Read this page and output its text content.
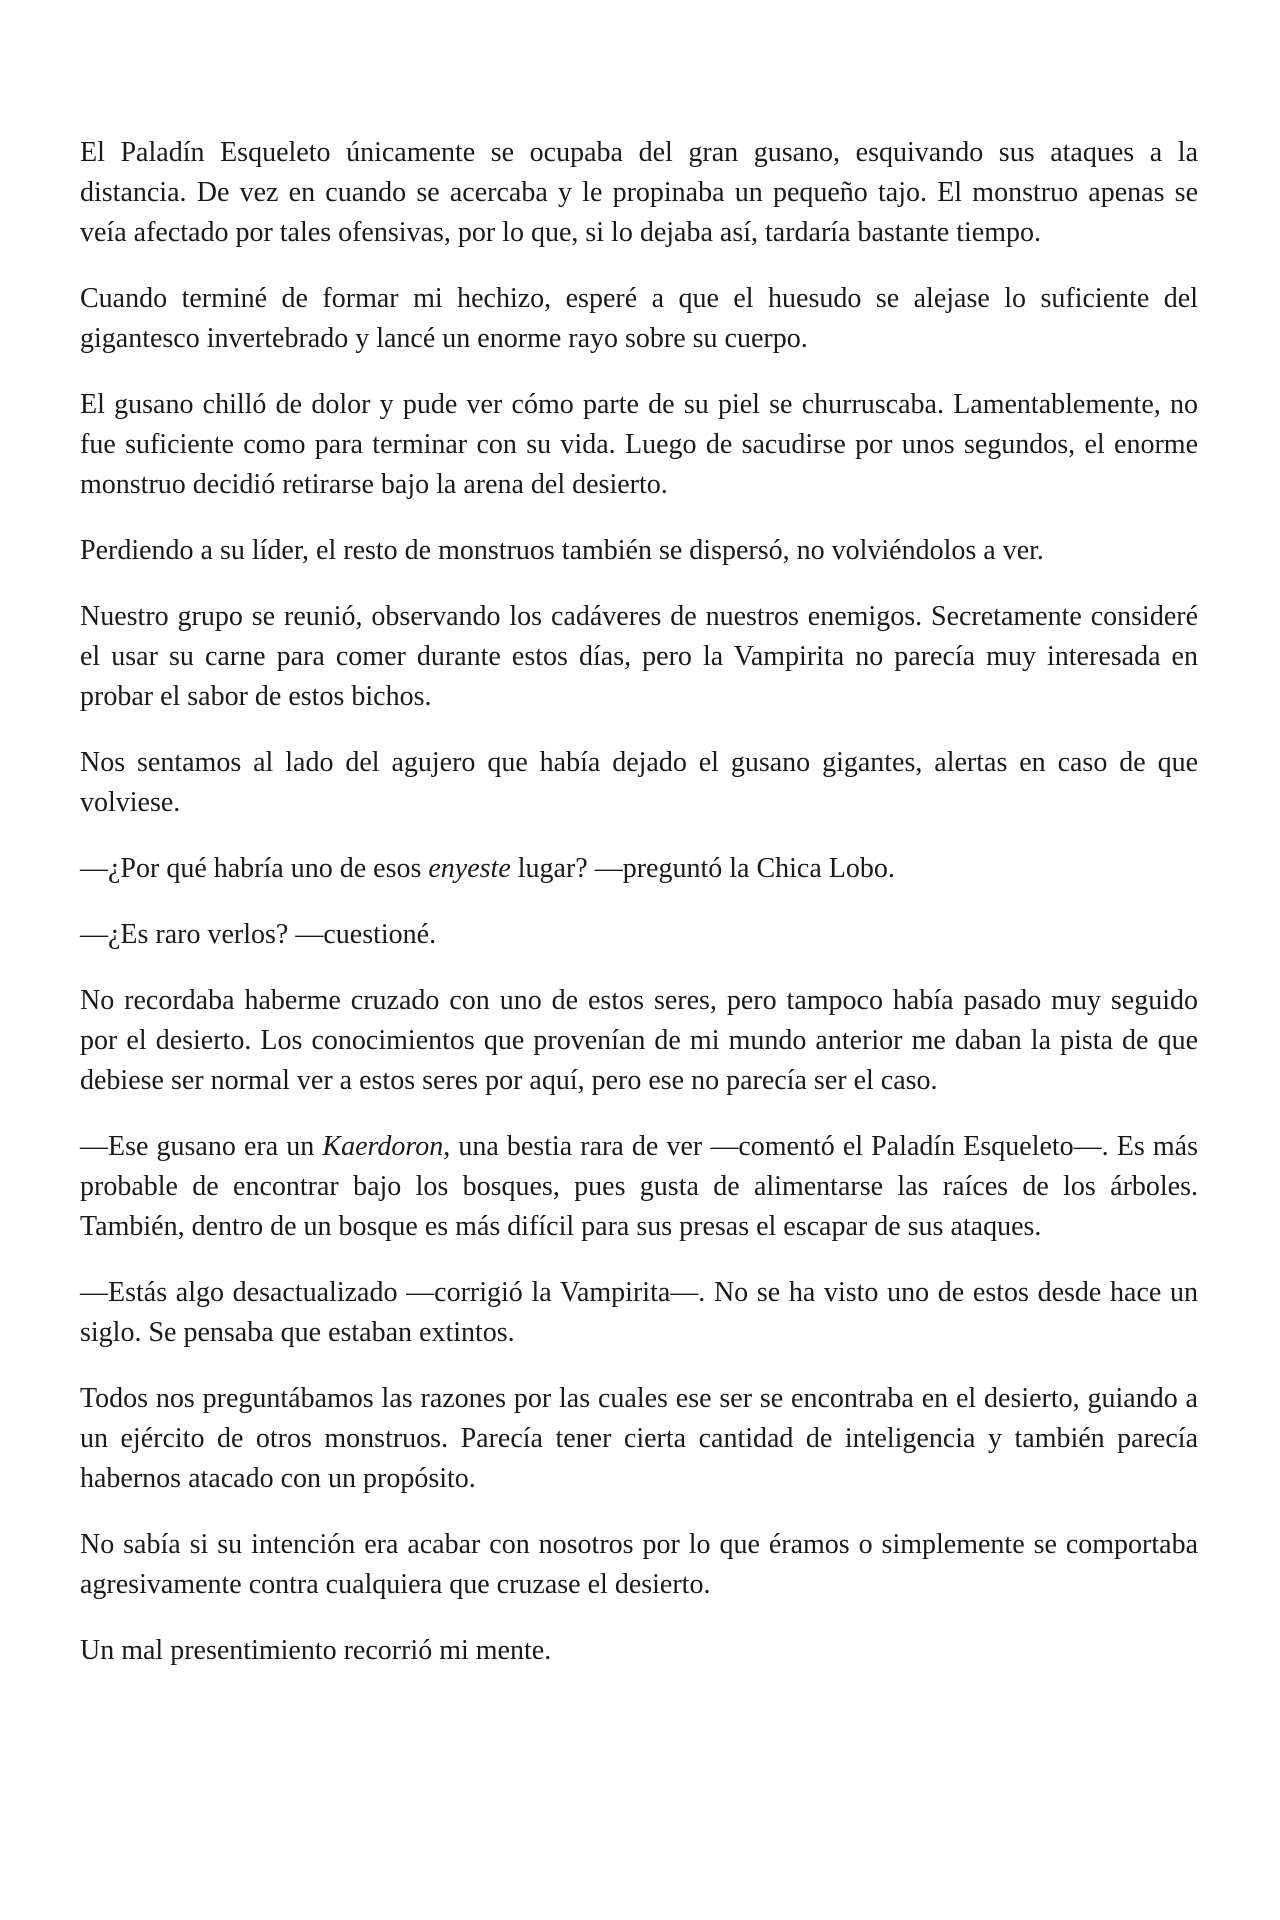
El Paladín Esqueleto únicamente se ocupaba del gran gusano, esquivando sus ataques a la distancia. De vez en cuando se acercaba y le propinaba un pequeño tajo. El monstruo apenas se veía afectado por tales ofensivas, por lo que, si lo dejaba así, tardaría bastante tiempo.

Cuando terminé de formar mi hechizo, esperé a que el huesudo se alejase lo suficiente del gigantesco invertebrado y lancé un enorme rayo sobre su cuerpo.

El gusano chilló de dolor y pude ver cómo parte de su piel se churruscaba. Lamentablemente, no fue suficiente como para terminar con su vida. Luego de sacudirse por unos segundos, el enorme monstruo decidió retirarse bajo la arena del desierto.

Perdiendo a su líder, el resto de monstruos también se dispersó, no volviéndolos a ver.

Nuestro grupo se reunió, observando los cadáveres de nuestros enemigos. Secretamente consideré el usar su carne para comer durante estos días, pero la Vampirita no parecía muy interesada en probar el sabor de estos bichos.

Nos sentamos al lado del agujero que había dejado el gusano gigantes, alertas en caso de que volviese.

—¿Por qué habría uno de esos enyeste lugar? —preguntó la Chica Lobo.

—¿Es raro verlos? —cuestioné.

No recordaba haberme cruzado con uno de estos seres, pero tampoco había pasado muy seguido por el desierto. Los conocimientos que provenían de mi mundo anterior me daban la pista de que debiese ser normal ver a estos seres por aquí, pero ese no parecía ser el caso.

—Ese gusano era un Kaerdoron, una bestia rara de ver —comentó el Paladín Esqueleto—. Es más probable de encontrar bajo los bosques, pues gusta de alimentarse las raíces de los árboles. También, dentro de un bosque es más difícil para sus presas el escapar de sus ataques.

—Estás algo desactualizado —corrigió la Vampirita—. No se ha visto uno de estos desde hace un siglo. Se pensaba que estaban extintos.

Todos nos preguntábamos las razones por las cuales ese ser se encontraba en el desierto, guiando a un ejército de otros monstruos. Parecía tener cierta cantidad de inteligencia y también parecía habernos atacado con un propósito.

No sabía si su intención era acabar con nosotros por lo que éramos o simplemente se comportaba agresivamente contra cualquiera que cruzase el desierto.

Un mal presentimiento recorrió mi mente.
